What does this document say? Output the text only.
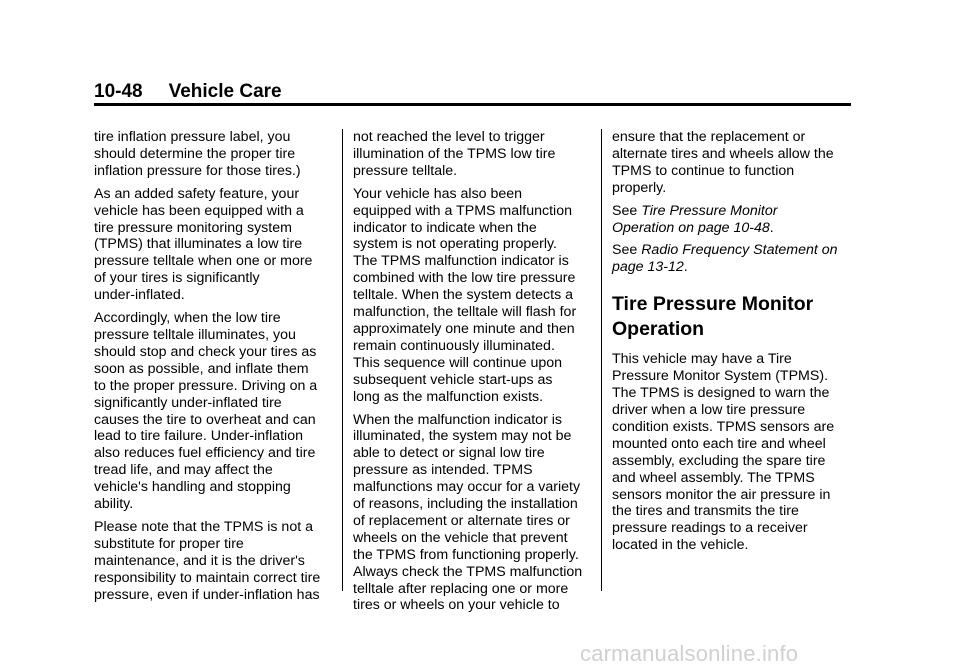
10-48 Vehicle Care

tire inflation pressure label, you
should determine the proper tire
inflation pressure for those tires.)

As an added safety feature, your
vehicle has been equipped with a
tire pressure monitoring system
(TPMS) that illuminates a low tire
pressure telltale when one or more
of your tires is significantly
under-inflated.

Accordingly, when the low tire
pressure telltale illuminates, you
should stop and check your tires as
soon as possible, and inflate them
to the proper pressure. Driving on a
significantly under-inflated tire
causes the tire to overheat and can
lead to tire failure. Under-inflation
also reduces fuel efficiency and tire
tread life, and may affect the
vehicle's handling and stopping
ability.

Please note that the TPMS is not a
substitute for proper tire
maintenance, and it is the driver's
responsibility to maintain correct tire
pressure, even if under-inflation has

not reached the level to trigger
illumination of the TPMS low tire
pressure telltale.

Your vehicle has also been
equipped with a TPMS malfunction
indicator to indicate when the
system is not operating properly.
The TPMS malfunction indicator is
combined with the low tire pressure
telltale. When the system detects a
malfunction, the telltale will flash for
approximately one minute and then
remain continuously illuminated.
This sequence will continue upon
subsequent vehicle start-ups as
long as the malfunction exists.

When the malfunction indicator is
illuminated, the system may not be
able to detect or signal low tire
pressure as intended. TPMS
malfunctions may occur for a variety
of reasons, including the installation
of replacement or alternate tires or
wheels on the vehicle that prevent
the TPMS from functioning properly.
Always check the TPMS malfunction
telltale after replacing one or more
tires or wheels on your vehicle to

ensure that the replacement or
alternate tires and wheels allow the
TPMS to continue to function
properly.

See Tire Pressure Monitor
Operation on page 10-48.

See Radio Frequency Statement on
page 13-12.

Tire Pressure Monitor
Operation

This vehicle may have a Tire
Pressure Monitor System (TPMS).
The TPMS is designed to warn the
driver when a low tire pressure
condition exists. TPMS sensors are
mounted onto each tire and wheel
assembly, excluding the spare tire
and wheel assembly. The TPMS
sensors monitor the air pressure in
the tires and transmits the tire
pressure readings to a receiver
located in the vehicle.

carmanualsonline.info
